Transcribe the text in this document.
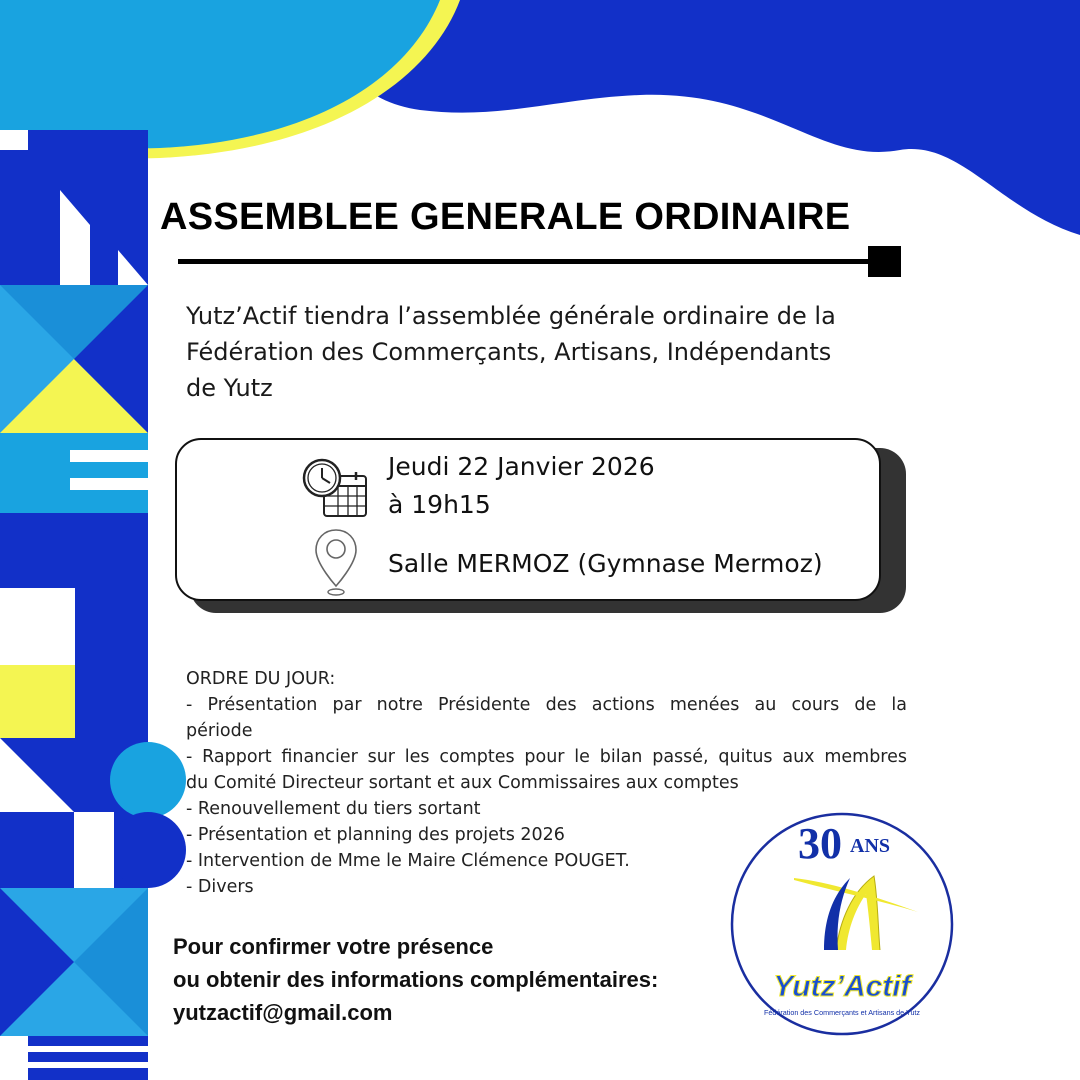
ASSEMBLEE GENERALE ORDINAIRE
Yutz’Actif tiendra l’assemblée générale ordinaire de la
Fédération des Commerçants, Artisans, Indépendants
de Yutz
Jeudi 22 Janvier 2026
à 19h15
Salle MERMOZ (Gymnase Mermoz)
ORDRE DU JOUR:
- Présentation par notre Présidente des actions menées au cours de la
période
- Rapport financier sur les comptes pour le bilan passé, quitus aux membres
du Comité Directeur sortant et aux Commissaires aux comptes
- Renouvellement du tiers sortant
- Présentation et planning des projets 2026
- Intervention de Mme le Maire Clémence POUGET.
- Divers
Pour confirmer votre présence
ou obtenir des informations complémentaires:
yutzactif@gmail.com
30 ANS
Yutz’Actif
Fédération des Commerçants et Artisans de Yutz
